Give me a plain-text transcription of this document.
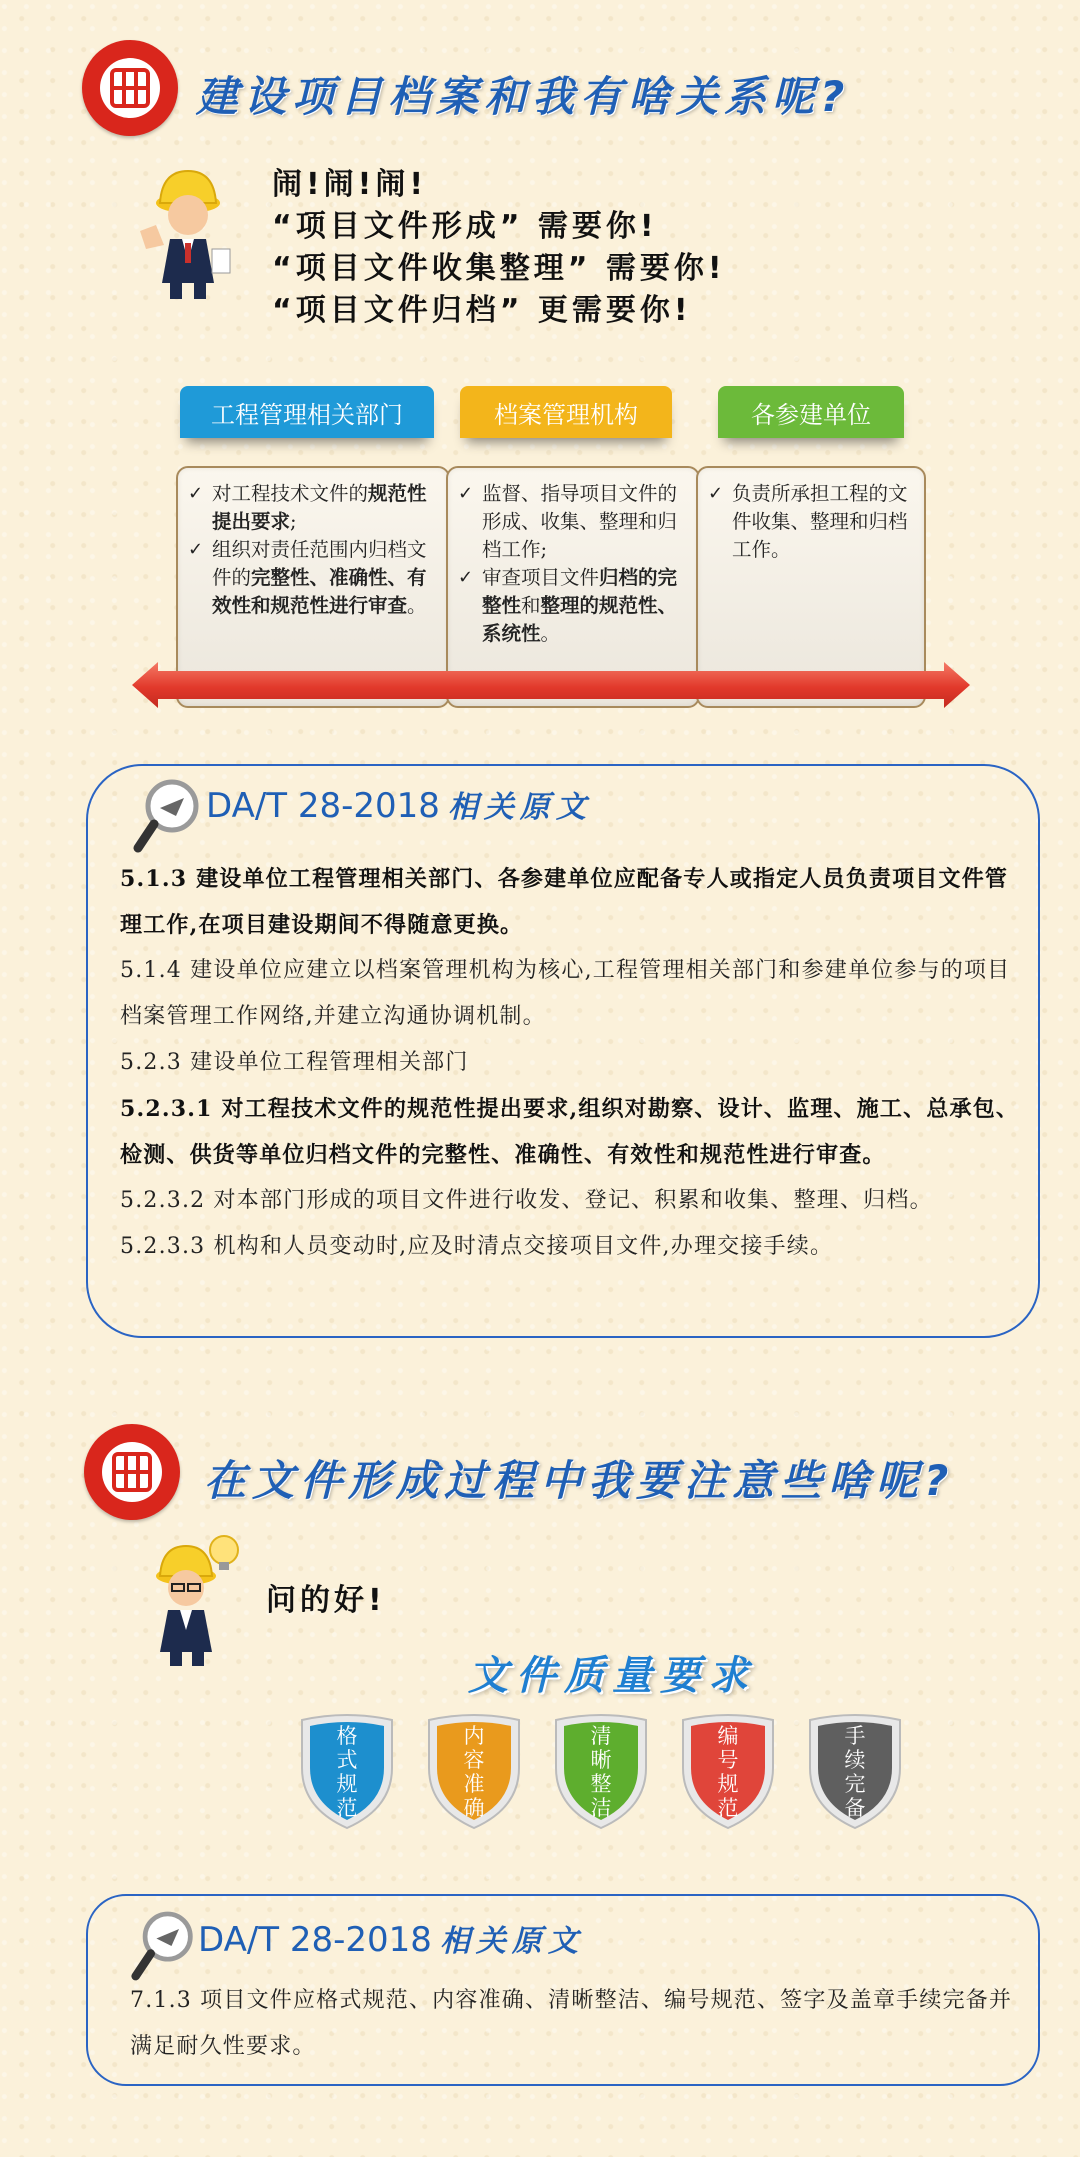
建设项目档案和我有啥关系呢?
闹!闹!闹!
“项目文件形成” 需要你!
“项目文件收集整理” 需要你!
“项目文件归档” 更需要你!
工程管理相关部门	档案管理机构	各参建单位
✓ 对工程技术文件的规范性提出要求;
✓ 组织对责任范围内归档文件的完整性、准确性、有效性和规范性进行审查。
✓ 监督、指导项目文件的形成、收集、整理和归档工作;
✓ 审查项目文件归档的完整性和整理的规范性、系统性。
✓ 负责所承担工程的文件收集、整理和归档工作。
DA/T 28-2018 相关原文
5.1.3 建设单位工程管理相关部门、各参建单位应配备专人或指定人员负责项目文件管理工作,在项目建设期间不得随意更换。
5.1.4 建设单位应建立以档案管理机构为核心,工程管理相关部门和参建单位参与的项目档案管理工作网络,并建立沟通协调机制。
5.2.3 建设单位工程管理相关部门
5.2.3.1 对工程技术文件的规范性提出要求,组织对勘察、设计、监理、施工、总承包、检测、供货等单位归档文件的完整性、准确性、有效性和规范性进行审查。
5.2.3.2 对本部门形成的项目文件进行收发、登记、积累和收集、整理、归档。
5.2.3.3 机构和人员变动时,应及时清点交接项目文件,办理交接手续。
在文件形成过程中我要注意些啥呢?
问的好!
文件质量要求
格式规范
内容准确
清晰整洁
编号规范
手续完备
DA/T 28-2018 相关原文
7.1.3 项目文件应格式规范、内容准确、清晰整洁、编号规范、签字及盖章手续完备并满足耐久性要求。
